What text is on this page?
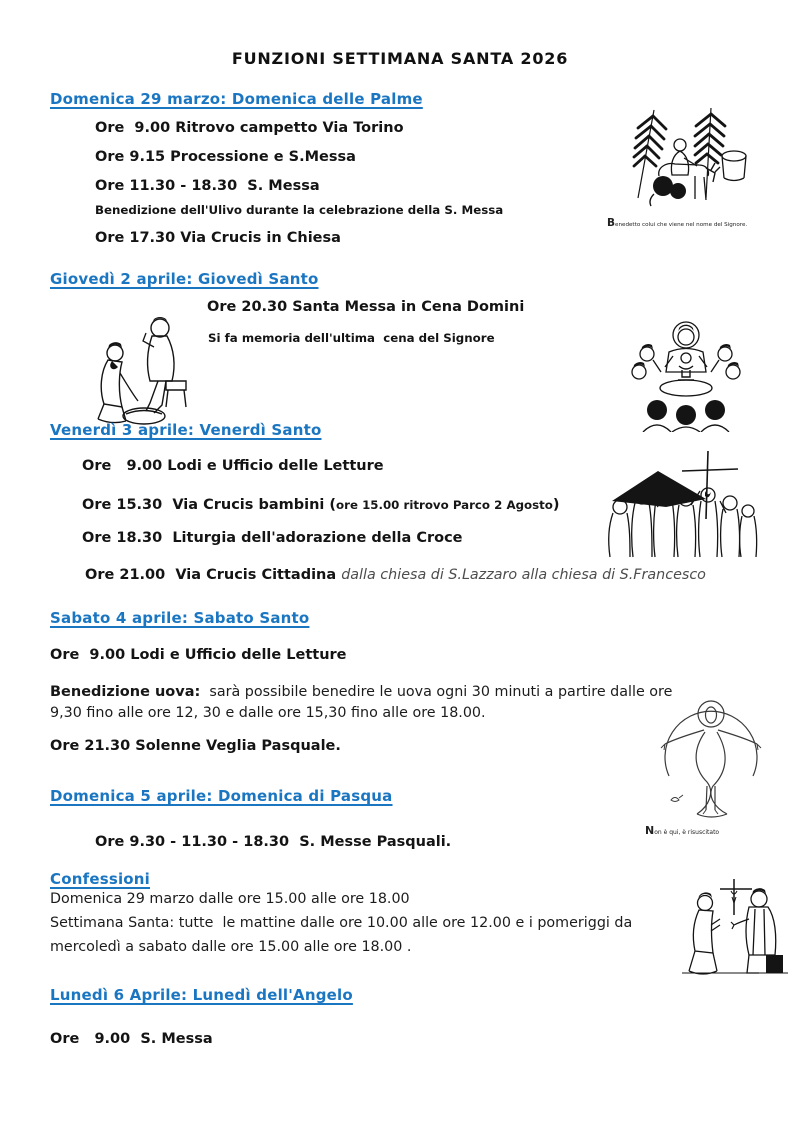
FUNZIONI SETTIMANA SANTA 2026
Domenica 29 marzo: Domenica delle Palme
Ore  9.00 Ritrovo campetto Via Torino
Ore 9.15 Processione e S.Messa
Ore 11.30 - 18.30  S. Messa
Benedizione dell'Ulivo durante la celebrazione della S. Messa
Ore 17.30 Via Crucis in Chiesa
Benedetto colui che viene nel nome del Signore.
Giovedì 2 aprile: Giovedì Santo
Ore 20.30 Santa Messa in Cena Domini
Si fa memoria dell'ultima  cena del Signore
Venerdì 3 aprile: Venerdì Santo
Ore   9.00 Lodi e Ufficio delle Letture
Ore 15.30  Via Crucis bambini (ore 15.00 ritrovo Parco 2 Agosto)
Ore 18.30  Liturgia dell'adorazione della Croce
Ore 21.00  Via Crucis Cittadina dalla chiesa di S.Lazzaro alla chiesa di S.Francesco
Sabato 4 aprile: Sabato Santo
Ore  9.00 Lodi e Ufficio delle Letture
Benedizione uova:  sarà possibile benedire le uova ogni 30 minuti a partire dalle ore
9,30 fino alle ore 12, 30 e dalle ore 15,30 fino alle ore 18.00.
Ore 21.30 Solenne Veglia Pasquale.
Non è qui, è risuscitato
Domenica 5 aprile: Domenica di Pasqua
Ore 9.30 - 11.30 - 18.30  S. Messe Pasquali.
Confessioni
Domenica 29 marzo dalle ore 15.00 alle ore 18.00
Settimana Santa: tutte  le mattine dalle ore 10.00 alle ore 12.00 e i pomeriggi da
mercoledì a sabato dalle ore 15.00 alle ore 18.00 .
Lunedì 6 Aprile: Lunedì dell'Angelo
Ore   9.00  S. Messa
